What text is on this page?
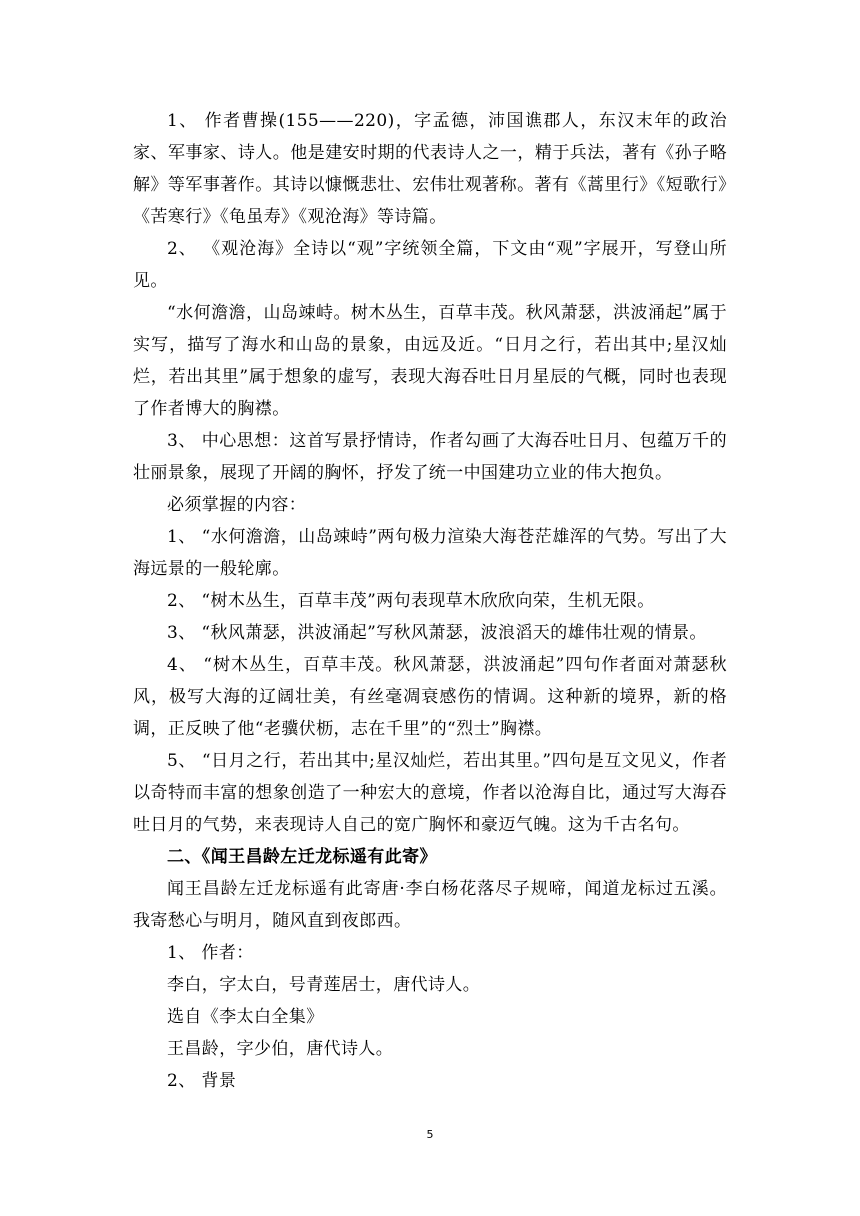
1、 作者曹操(155——220)，字孟德，沛国谯郡人，东汉末年的政治家、军事家、诗人。他是建安时期的代表诗人之一，精于兵法，著有《孙子略解》等军事著作。其诗以慷慨悲壮、宏伟壮观著称。著有《蒿里行》《短歌行》《苦寒行》《龟虽寿》《观沧海》等诗篇。

2、 《观沧海》全诗以“观”字统领全篇，下文由“观”字展开，写登山所见。

“水何澹澹，山岛竦峙。树木丛生，百草丰茂。秋风萧瑟，洪波涌起”属于实写，描写了海水和山岛的景象，由远及近。“日月之行，若出其中;星汉灿烂，若出其里”属于想象的虚写，表现大海吞吐日月星辰的气概，同时也表现了作者博大的胸襟。

3、 中心思想：这首写景抒情诗，作者勾画了大海吞吐日月、包蕴万千的壮丽景象，展现了开阔的胸怀，抒发了统一中国建功立业的伟大抱负。

必须掌握的内容：

1、 “水何澹澹，山岛竦峙”两句极力渲染大海苍茫雄浑的气势。写出了大海远景的一般轮廓。

2、 “树木丛生，百草丰茂”两句表现草木欣欣向荣，生机无限。

3、 “秋风萧瑟，洪波涌起”写秋风萧瑟，波浪滔天的雄伟壮观的情景。

4、 “树木丛生，百草丰茂。秋风萧瑟，洪波涌起”四句作者面对萧瑟秋风，极写大海的辽阔壮美，有丝毫凋衰感伤的情调。这种新的境界，新的格调，正反映了他“老骥伏枥，志在千里”的“烈士”胸襟。

5、 “日月之行，若出其中;星汉灿烂，若出其里。”四句是互文见义，作者以奇特而丰富的想象创造了一种宏大的意境，作者以沧海自比，通过写大海吞吐日月的气势，来表现诗人自己的宽广胸怀和豪迈气魄。这为千古名句。

二、《闻王昌龄左迁龙标遥有此寄》

闻王昌龄左迁龙标遥有此寄唐·李白杨花落尽子规啼，闻道龙标过五溪。我寄愁心与明月，随风直到夜郎西。

1、 作者：

李白，字太白，号青莲居士，唐代诗人。

选自《李太白全集》

王昌龄，字少伯，唐代诗人。

2、 背景

5
